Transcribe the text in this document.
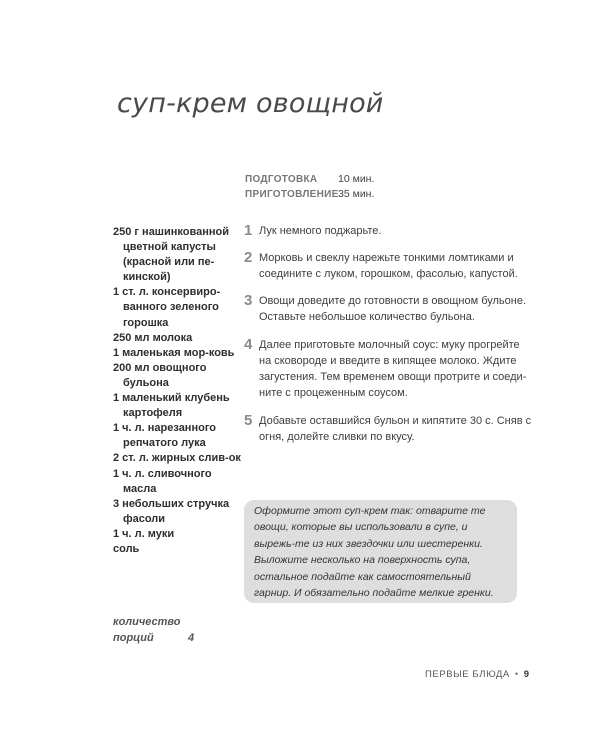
суп-крем овощной
ПОДГОТОВКА	10 мин.
ПРИГОТОВЛЕНИЕ 35 мин.
250 г нашинкованной цветной капусты (красной или пе-кинской)
1 ст. л. консервиро-ванного зеленого горошка
250 мл молока
1 маленькая мор-ковь
200 мл овощного бульона
1 маленький клубень картофеля
1 ч. л. нарезанного репчатого лука
2 ст. л. жирных слив-ок
1 ч. л. сливочного масла
3 небольших стручка фасоли
1 ч. л. муки
соль
1 Лук немного поджарьте.
2 Морковь и свеклу нарежьте тонкими ломтиками и соедините с луком, горошком, фасолью, капустой.
3 Овощи доведите до готовности в овощном бульоне. Оставьте небольшое количество бульона.
4 Далее приготовьте молочный соус: муку прогрейте на сковороде и введите в кипящее молоко. Ждите загустения. Тем временем овощи протрите и соеди-ните с процеженным соусом.
5 Добавьте оставшийся бульон и кипятите 30 с. Сняв с огня, долейте сливки по вкусу.

Оформите этот суп-крем так: отварите те овощи, которые вы использовали в супе, и вырежь-те из них звездочки или шестеренки. Выложите несколько на поверхность супа, остальное подайте как самостоятельный гарнир. И обязательно подайте мелкие гренки.

количество порций	4
ПЕРВЫЕ БЛЮДА • 9
